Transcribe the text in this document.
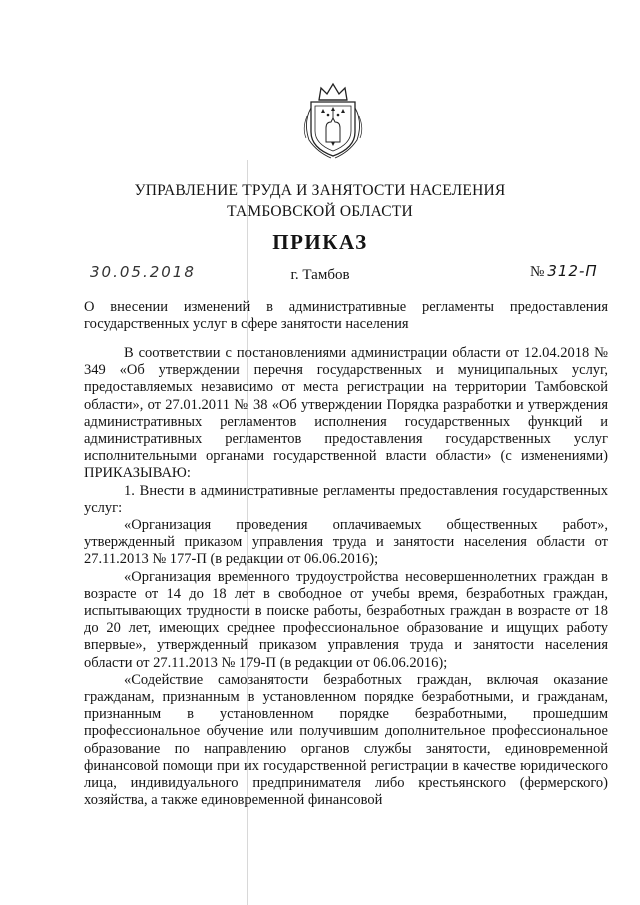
УПРАВЛЕНИЕ ТРУДА И ЗАНЯТОСТИ НАСЕЛЕНИЯ
ТАМБОВСКОЙ ОБЛАСТИ
ПРИКАЗ
30.05.2018	г. Тамбов	№ 312-П
О внесении изменений в административные регламенты предоставления государственных услуг в сфере занятости населения

В соответствии с постановлениями администрации области от 12.04.2018 № 349 «Об утверждении перечня государственных и муниципальных услуг, предоставляемых независимо от места регистрации на территории Тамбовской области», от 27.01.2011 № 38 «Об утверждении Порядка разработки и утверждения административных регламентов исполнения государственных функций и административных регламентов предоставления государственных услуг исполнительными органами государственной власти области» (с изменениями) ПРИКАЗЫВАЮ:

1. Внести в административные регламенты предоставления государственных услуг:

«Организация проведения оплачиваемых общественных работ», утвержденный приказом управления труда и занятости населения области от 27.11.2013 № 177-П (в редакции от 06.06.2016);

«Организация временного трудоустройства несовершеннолетних граждан в возрасте от 14 до 18 лет в свободное от учебы время, безработных граждан, испытывающих трудности в поиске работы, безработных граждан в возрасте от 18 до 20 лет, имеющих среднее профессиональное образование и ищущих работу впервые», утвержденный приказом управления труда и занятости населения области от 27.11.2013 № 179-П (в редакции от 06.06.2016);

«Содействие самозанятости безработных граждан, включая оказание гражданам, признанным в установленном порядке безработными, и гражданам, признанным в установленном порядке безработными, прошедшим профессиональное обучение или получившим дополнительное профессиональное образование по направлению органов службы занятости, единовременной финансовой помощи при их государственной регистрации в качестве юридического лица, индивидуального предпринимателя либо крестьянского (фермерского) хозяйства, а также единовременной финансовой
